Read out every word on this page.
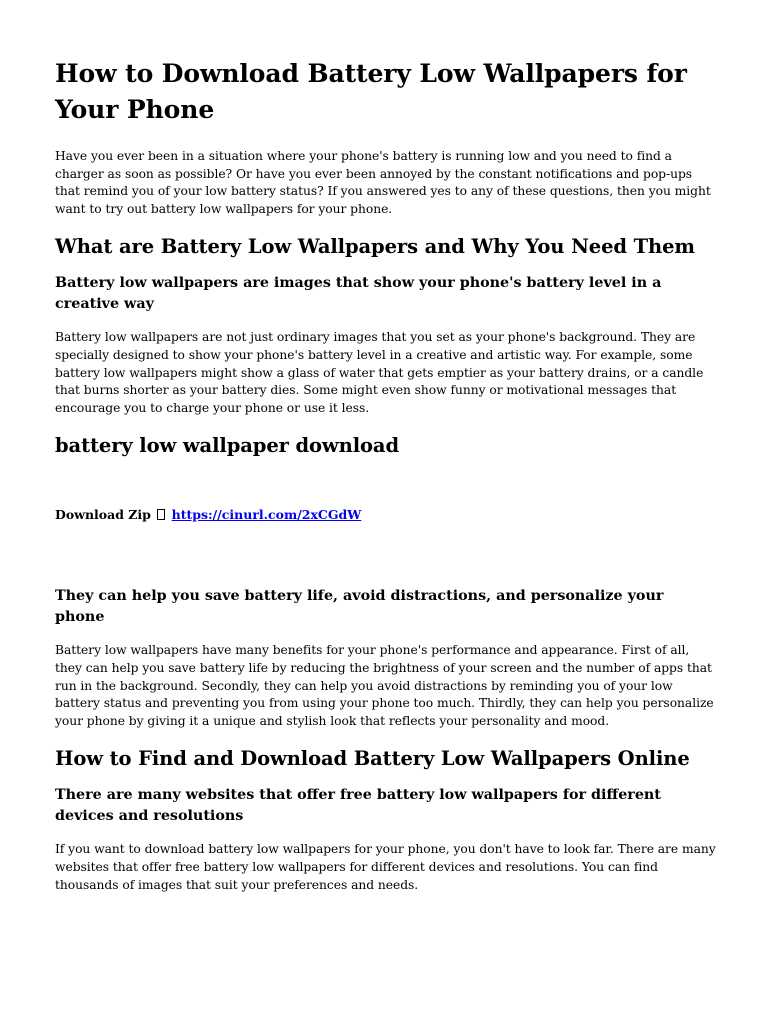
How to Download Battery Low Wallpapers for Your Phone

Have you ever been in a situation where your phone's battery is running low and you need to find a charger as soon as possible? Or have you ever been annoyed by the constant notifications and pop-ups that remind you of your low battery status? If you answered yes to any of these questions, then you might want to try out battery low wallpapers for your phone.

What are Battery Low Wallpapers and Why You Need Them
Battery low wallpapers are images that show your phone's battery level in a creative way

Battery low wallpapers are not just ordinary images that you set as your phone's background. They are specially designed to show your phone's battery level in a creative and artistic way. For example, some battery low wallpapers might show a glass of water that gets emptier as your battery drains, or a candle that burns shorter as your battery dies. Some might even show funny or motivational messages that encourage you to charge your phone or use it less.

battery low wallpaper download

Download Zip https://cinurl.com/2xCGdW

They can help you save battery life, avoid distractions, and personalize your phone

Battery low wallpapers have many benefits for your phone's performance and appearance. First of all, they can help you save battery life by reducing the brightness of your screen and the number of apps that run in the background. Secondly, they can help you avoid distractions by reminding you of your low battery status and preventing you from using your phone too much. Thirdly, they can help you personalize your phone by giving it a unique and stylish look that reflects your personality and mood.

How to Find and Download Battery Low Wallpapers Online
There are many websites that offer free battery low wallpapers for different devices and resolutions

If you want to download battery low wallpapers for your phone, you don't have to look far. There are many websites that offer free battery low wallpapers for different devices and resolutions. You can find thousands of images that suit your preferences and needs.
